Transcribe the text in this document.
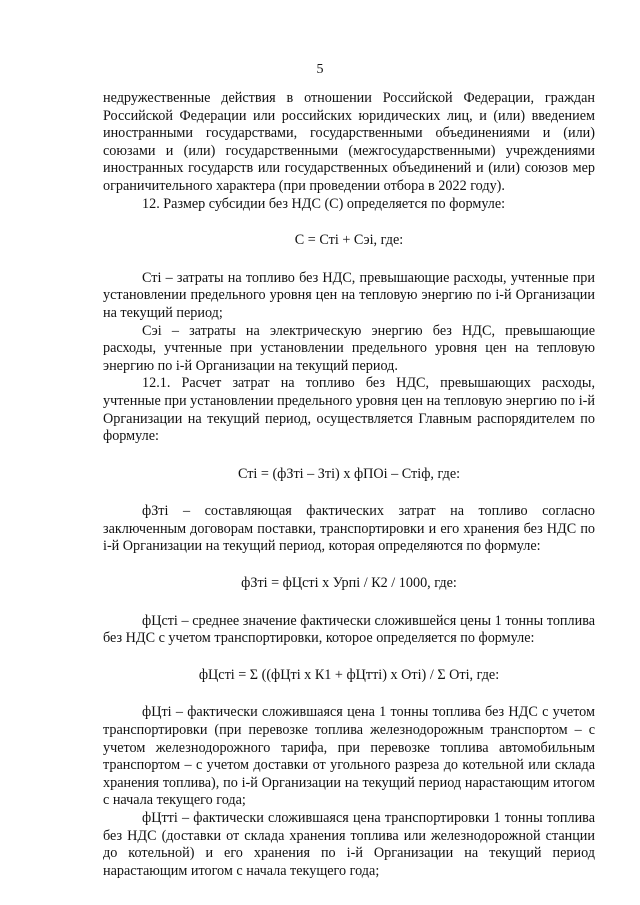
5

недружественные действия в отношении Российской Федерации, граждан Российской Федерации или российских юридических лиц, и (или) введением иностранными государствами, государственными объединениями и (или) союзами и (или) государственными (межгосударственными) учреждениями иностранных государств или государственных объединений и (или) союзов мер ограничительного характера (при проведении отбора в 2022 году).

12. Размер субсидии без НДС (С) определяется по формуле:

С = Сті + Сэі, где:

Сті – затраты на топливо без НДС, превышающие расходы, учтенные при установлении предельного уровня цен на тепловую энергию по і-й Организации на текущий период;

Сэі – затраты на электрическую энергию без НДС, превышающие расходы, учтенные при установлении предельного уровня цен на тепловую энергию по і-й Организации на текущий период.

12.1. Расчет затрат на топливо без НДС, превышающих расходы, учтенные при установлении предельного уровня цен на тепловую энергию по і-й Организации на текущий период, осуществляется Главным распорядителем по формуле:

Сті = (фЗті – Зті) х фПОі – Стіф, где:

фЗті – составляющая фактических затрат на топливо согласно заключенным договорам поставки, транспортировки и его хранения без НДС по і-й Организации на текущий период, которая определяются по формуле:

фЗті = фЦсті х Урпі / К2 / 1000, где:

фЦсті – среднее значение фактически сложившейся цены 1 тонны топлива без НДС с учетом транспортировки, которое определяется по формуле:

фЦсті = Σ ((фЦті х К1 + фЦтті) х Оті) / Σ Оті, где:

фЦті – фактически сложившаяся цена 1 тонны топлива без НДС с учетом транспортировки (при перевозке топлива железнодорожным транспортом – с учетом железнодорожного тарифа, при перевозке топлива автомобильным транспортом – с учетом доставки от угольного разреза до котельной или склада хранения топлива), по і-й Организации на текущий период нарастающим итогом с начала текущего года;

фЦтті – фактически сложившаяся цена транспортировки 1 тонны топлива без НДС (доставки от склада хранения топлива или железнодорожной станции до котельной) и его хранения по і-й Организации на текущий период нарастающим итогом с начала текущего года;
